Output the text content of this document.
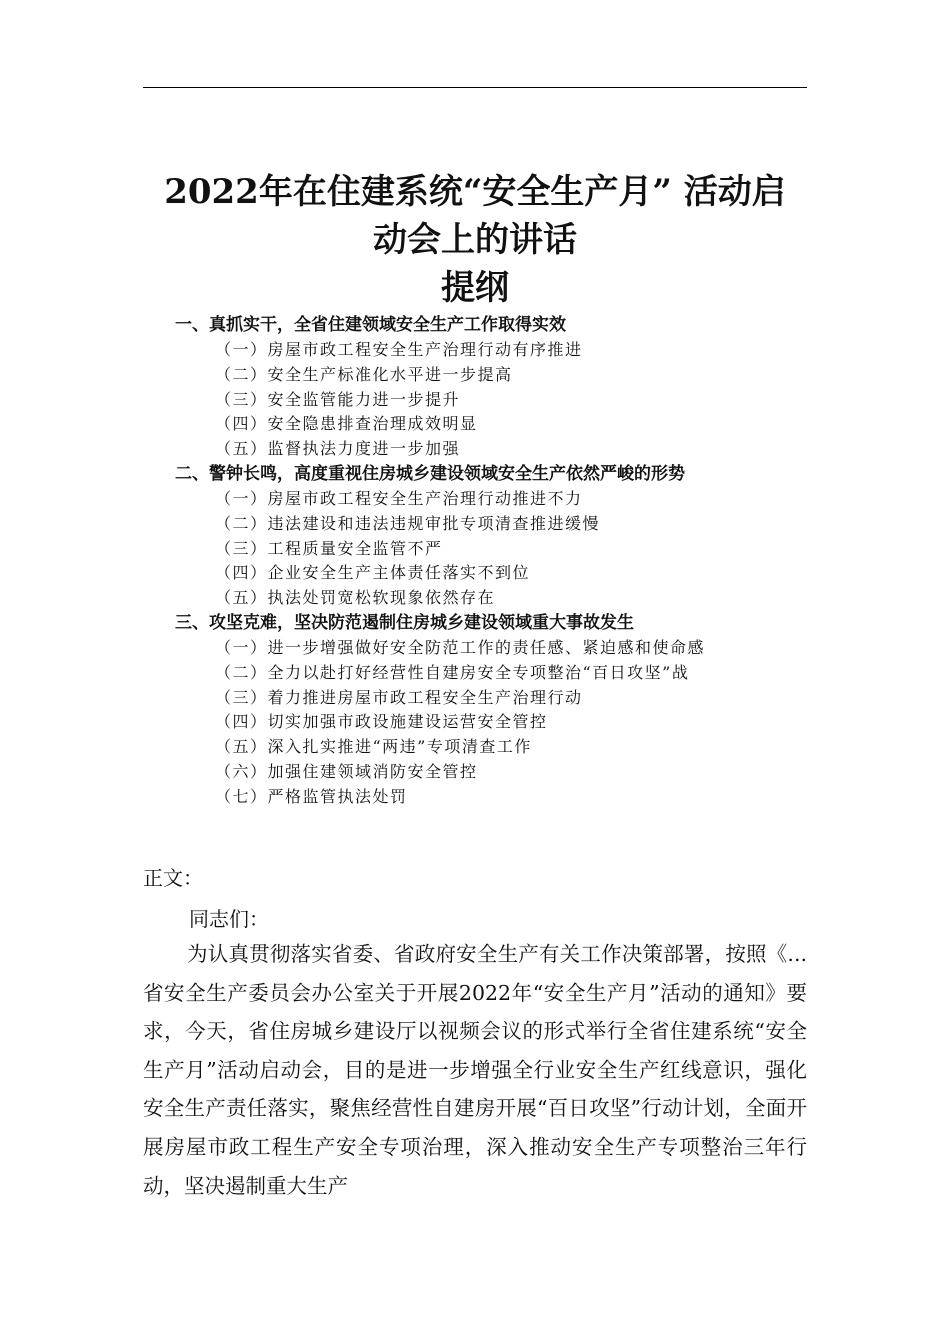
2022年在住建系统“安全生产月” 活动启
动会上的讲话
提纲
一、真抓实干，全省住建领域安全生产工作取得实效
（一）房屋市政工程安全生产治理行动有序推进
（二）安全生产标准化水平进一步提高
（三）安全监管能力进一步提升
（四）安全隐患排查治理成效明显
（五）监督执法力度进一步加强
二、警钟长鸣，高度重视住房城乡建设领域安全生产依然严峻的形势
（一）房屋市政工程安全生产治理行动推进不力
（二）违法建设和违法违规审批专项清查推进缓慢
（三）工程质量安全监管不严
（四）企业安全生产主体责任落实不到位
（五）执法处罚宽松软现象依然存在
三、攻坚克难，坚决防范遏制住房城乡建设领域重大事故发生
（一）进一步增强做好安全防范工作的责任感、紧迫感和使命感
（二）全力以赴打好经营性自建房安全专项整治“百日攻坚”战
（三）着力推进房屋市政工程安全生产治理行动
（四）切实加强市政设施建设运营安全管控
（五）深入扎实推进“两违”专项清查工作
（六）加强住建领域消防安全管控
（七）严格监管执法处罚
正文：
同志们：

为认真贯彻落实省委、省政府安全生产有关工作决策部署，按照《...省安全生产委员会办公室关于开展2022年“安全生产月”活动的通知》要求，今天，省住房城乡建设厅以视频会议的形式举行全省住建系统“安全生产月”活动启动会，目的是进一步增强全行业安全生产红线意识，强化安全生产责任落实，聚焦经营性自建房开展“百日攻坚”行动计划，全面开展房屋市政工程生产安全专项治理，深入推动安全生产专项整治三年行动，坚决遏制重大生产
